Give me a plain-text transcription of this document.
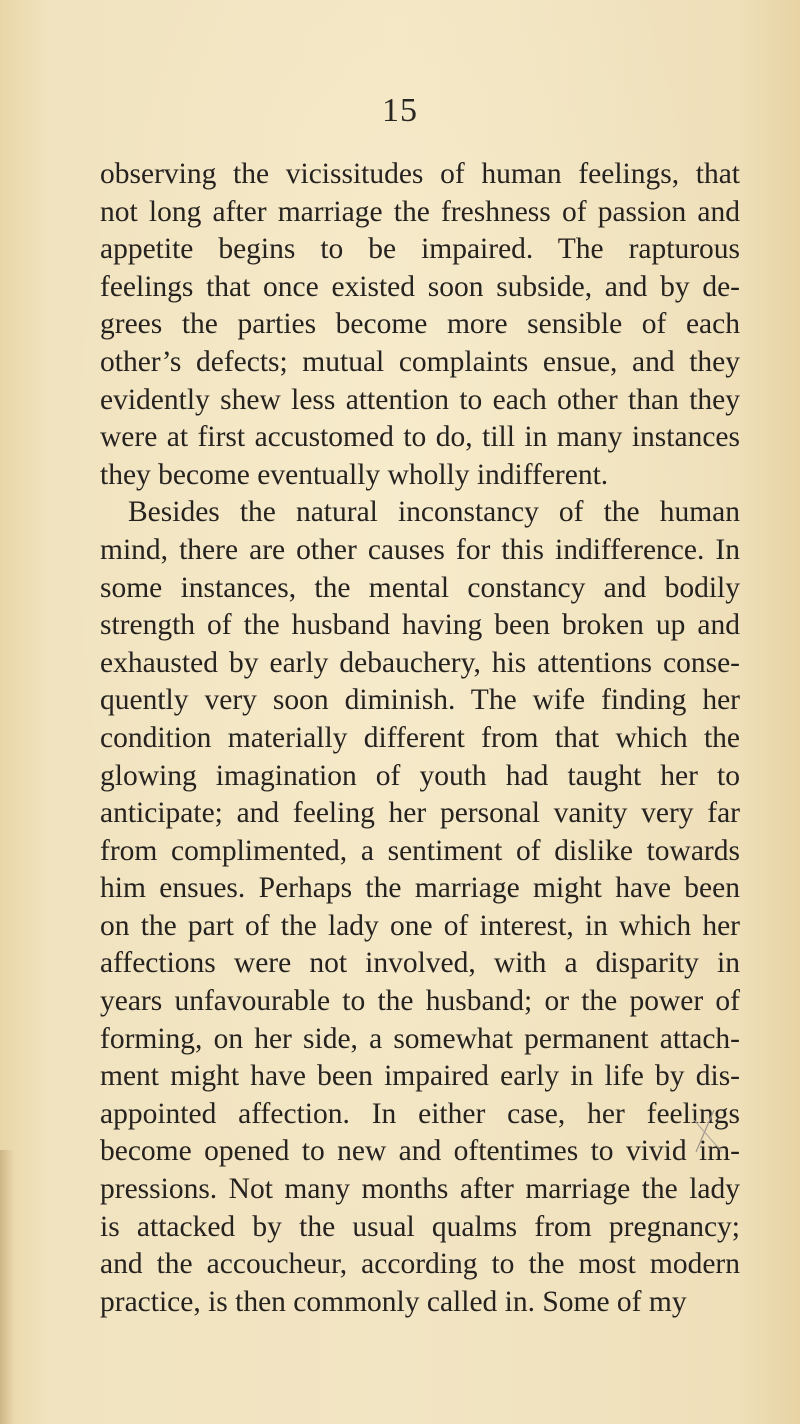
15
observing the vicissitudes of human feelings, that
not long after marriage the freshness of passion and
appetite begins to be impaired. The rapturous
feelings that once existed soon subside, and by de-
grees the parties become more sensible of each
other’s defects; mutual complaints ensue, and they
evidently shew less attention to each other than they
were at first accustomed to do, till in many instances
they become eventually wholly indifferent.
Besides the natural inconstancy of the human
mind, there are other causes for this indifference. In
some instances, the mental constancy and bodily
strength of the husband having been broken up and
exhausted by early debauchery, his attentions conse-
quently very soon diminish. The wife finding her
condition materially different from that which the
glowing imagination of youth had taught her to
anticipate; and feeling her personal vanity very far
from complimented, a sentiment of dislike towards
him ensues. Perhaps the marriage might have been
on the part of the lady one of interest, in which her
affections were not involved, with a disparity in
years unfavourable to the husband; or the power of
forming, on her side, a somewhat permanent attach-
ment might have been impaired early in life by dis-
appointed affection. In either case, her feelings
become opened to new and oftentimes to vivid im-
pressions. Not many months after marriage the lady
is attacked by the usual qualms from pregnancy;
and the accoucheur, according to the most modern
practice, is then commonly called in. Some of my
